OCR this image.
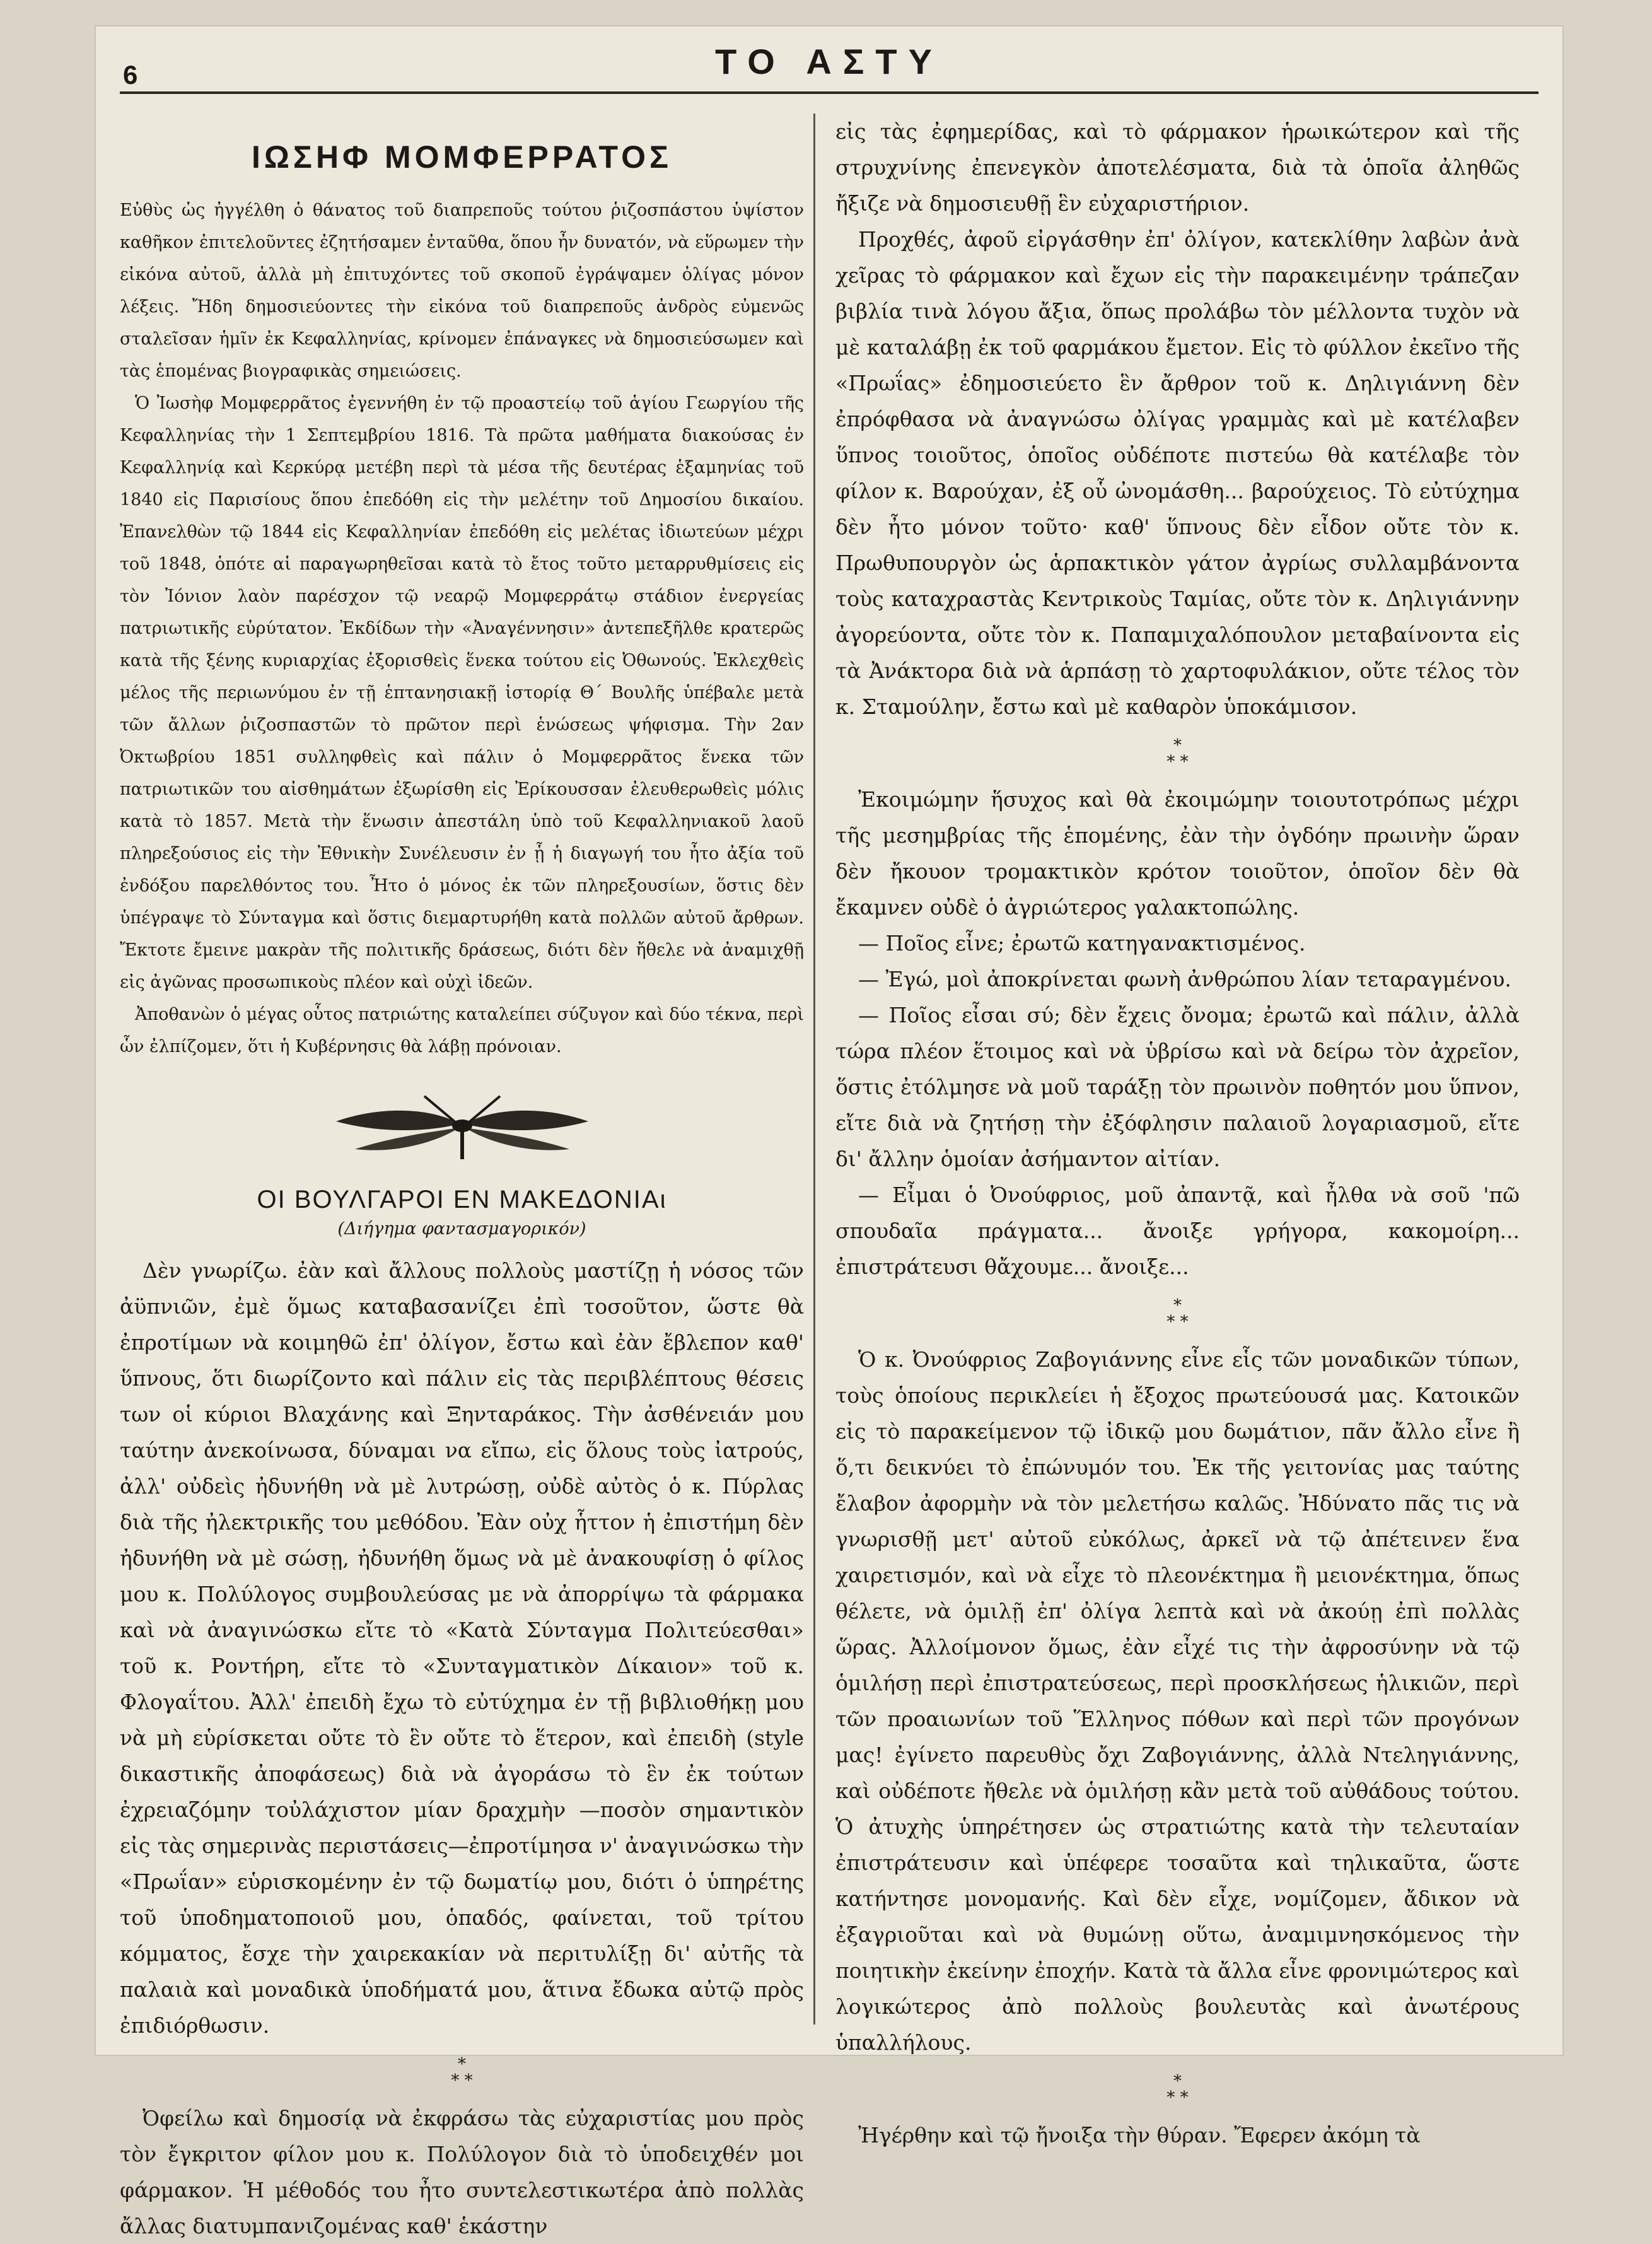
6	ΤΟ ΑΣΤΥ
ΙΩΣΗΦ ΜΟΜΦΕΡΡΑΤΟΣ

Εὐθὺς ὡς ἠγγέλθη ὁ θάνατος τοῦ διαπρεποῦς τούτου ῥιζοσπάστου ὑψίστον καθῆκον ἐπιτελοῦντες ἐζητήσαμεν ἐνταῦθα, ὅπου ἦν δυνατόν, νὰ εὕρωμεν τὴν εἰκόνα αὐτοῦ, ἀλλὰ μὴ ἐπιτυχόντες τοῦ σκοποῦ ἐγράψαμεν ὀλίγας μόνον λέξεις. Ἤδη δημοσιεύοντες τὴν εἰκόνα τοῦ διαπρεποῦς ἀνδρὸς εὐμενῶς σταλεῖσαν ἡμῖν ἐκ Κεφαλληνίας, κρίνομεν ἐπάναγκες νὰ δημοσιεύσωμεν καὶ τὰς ἑπομένας βιογραφικὰς σημειώσεις.

Ὁ Ἰωσὴφ Μομφερρᾶτος ἐγεννήθη ἐν τῷ προαστείῳ τοῦ ἁγίου Γεωργίου τῆς Κεφαλληνίας τὴν 1 Σεπτεμβρίου 1816. Τὰ πρῶτα μαθήματα διακούσας ἐν Κεφαλληνίᾳ καὶ Κερκύρᾳ μετέβη περὶ τὰ μέσα τῆς δευτέρας ἑξαμηνίας τοῦ 1840 εἰς Παρισίους ὅπου ἐπεδόθη εἰς τὴν μελέτην τοῦ Δημοσίου δικαίου. Ἐπανελθὼν τῷ 1844 εἰς Κεφαλληνίαν ἐπεδόθη εἰς μελέτας ἰδιωτεύων μέχρι τοῦ 1848, ὁπότε αἱ παραγωρηθεῖσαι κατὰ τὸ ἔτος τοῦτο μεταρρυθμίσεις εἰς τὸν Ἰόνιον λαὸν παρέσχον τῷ νεαρῷ Μομφερράτῳ στάδιον ἐνεργείας πατριωτικῆς εὐρύτατον. Ἐκδίδων τὴν «Ἀναγέννησιν» ἀντεπεξῆλθε κρατερῶς κατὰ τῆς ξένης κυριαρχίας ἐξορισθεὶς ἕνεκα τούτου εἰς Ὀθωνούς. Ἐκλεχθεὶς μέλος τῆς περιωνύμου ἐν τῇ ἑπτανησιακῇ ἱστορίᾳ Θ΄ Βουλῆς ὑπέβαλε μετὰ τῶν ἄλλων ῥιζοσπαστῶν τὸ πρῶτον περὶ ἑνώσεως ψήφισμα. Τὴν 2αν Ὀκτωβρίου 1851 συλληφθεὶς καὶ πάλιν ὁ Μομφερρᾶτος ἕνεκα τῶν πατριωτικῶν του αἰσθημάτων ἐξωρίσθη εἰς Ἐρίκουσσαν ἐλευθερωθεὶς μόλις κατὰ τὸ 1857. Μετὰ τὴν ἕνωσιν ἀπεστάλη ὑπὸ τοῦ Κεφαλληνιακοῦ λαοῦ πληρεξούσιος εἰς τὴν Ἐθνικὴν Συνέλευσιν ἐν ᾗ ἡ διαγωγή του ἦτο ἀξία τοῦ ἐνδόξου παρελθόντος του. Ἦτο ὁ μόνος ἐκ τῶν πληρεξουσίων, ὅστις δὲν ὑπέγραψε τὸ Σύνταγμα καὶ ὅστις διεμαρτυρήθη κατὰ πολλῶν αὐτοῦ ἄρθρων. Ἔκτοτε ἔμεινε μακρὰν τῆς πολιτικῆς δράσεως, διότι δὲν ἤθελε νὰ ἀναμιχθῇ εἰς ἀγῶνας προσωπικοὺς πλέον καὶ οὐχὶ ἰδεῶν.

Ἀποθανὼν ὁ μέγας οὗτος πατριώτης καταλείπει σύζυγον καὶ δύο τέκνα, περὶ ὧν ἐλπίζομεν, ὅτι ἡ Κυβέρνησις θὰ λάβῃ πρόνοιαν.

ΟΙ ΒΟΥΛΓΑΡΟΙ ΕΝ ΜΑΚΕΔΟΝΙΑι
(Διήγημα φαντασμαγορικόν)

Δὲν γνωρίζω. ἐὰν καὶ ἄλλους πολλοὺς μαστίζῃ ἡ νόσος τῶν ἀϋπνιῶν, ἐμὲ ὅμως καταβασανίζει ἐπὶ τοσοῦτον, ὥστε θὰ ἐπροτίμων νὰ κοιμηθῶ ἐπ' ὀλίγον, ἔστω καὶ ἐὰν ἔβλεπον καθ' ὕπνους, ὅτι διωρίζοντο καὶ πάλιν εἰς τὰς περιβλέπτους θέσεις των οἱ κύριοι Βλαχάνης καὶ Ξηνταράκος. Τὴν ἀσθένειάν μου ταύτην ἀνεκοίνωσα, δύναμαι να εἴπω, εἰς ὅλους τοὺς ἰατρούς, ἀλλ' οὐδεὶς ἠδυνήθη νὰ μὲ λυτρώσῃ, οὐδὲ αὐτὸς ὁ κ. Πύρλας διὰ τῆς ἠλεκτρικῆς του μεθόδου. Ἐὰν οὐχ ἧττον ἡ ἐπιστήμη δὲν ἠδυνήθη νὰ μὲ σώσῃ, ἠδυνήθη ὅμως νὰ μὲ ἀνακουφίσῃ ὁ φίλος μου κ. Πολύλογος συμβουλεύσας με νὰ ἀπορρίψω τὰ φάρμακα καὶ νὰ ἀναγινώσκω εἴτε τὸ «Κατὰ Σύνταγμα Πολιτεύεσθαι» τοῦ κ. Ροντήρη, εἴτε τὸ «Συνταγματικὸν Δίκαιον» τοῦ κ. Φλογαΐτου. Ἀλλ' ἐπειδὴ ἔχω τὸ εὐτύχημα ἐν τῇ βιβλιοθήκῃ μου νὰ μὴ εὑρίσκεται οὔτε τὸ ἓν οὔτε τὸ ἕτερον, καὶ ἐπειδὴ (style δικαστικῆς ἀποφάσεως) διὰ νὰ ἀγοράσω τὸ ἓν ἐκ τούτων ἐχρειαζόμην τοὐλάχιστον μίαν δραχμὴν —ποσὸν σημαντικὸν εἰς τὰς σημερινὰς περιστάσεις—ἐπροτίμησα ν' ἀναγινώσκω τὴν «Πρωΐαν» εὑρισκομένην ἐν τῷ δωματίῳ μου, διότι ὁ ὑπηρέτης τοῦ ὑποδηματοποιοῦ μου, ὁπαδός, φαίνεται, τοῦ τρίτου κόμματος, ἔσχε τὴν χαιρεκακίαν νὰ περιτυλίξῃ δι' αὐτῆς τὰ παλαιὰ καὶ μοναδικὰ ὑποδήματά μου, ἅτινα ἔδωκα αὐτῷ πρὸς ἐπιδιόρθωσιν.

*
* *

Ὀφείλω καὶ δημοσίᾳ νὰ ἐκφράσω τὰς εὐχαριστίας μου πρὸς τὸν ἔγκριτον φίλον μου κ. Πολύλογον διὰ τὸ ὑποδειχθέν μοι φάρμακον. Ἡ μέθοδός του ἦτο συντελεστικωτέρα ἀπὸ πολλὰς ἄλλας διατυμπανιζομένας καθ' ἑκάστην

εἰς τὰς ἐφημερίδας, καὶ τὸ φάρμακον ἡρωικώτερον καὶ τῆς στρυχνίνης ἐπενεγκὸν ἀποτελέσματα, διὰ τὰ ὁποῖα ἀληθῶς ἤξιζε νὰ δημοσιευθῇ ἓν εὐχαριστήριον.

Προχθές, ἀφοῦ εἰργάσθην ἐπ' ὀλίγον, κατεκλίθην λαβὼν ἀνὰ χεῖρας τὸ φάρμακον καὶ ἔχων εἰς τὴν παρακειμένην τράπεζαν βιβλία τινὰ λόγου ἄξια, ὅπως προλάβω τὸν μέλλοντα τυχὸν νὰ μὲ καταλάβῃ ἐκ τοῦ φαρμάκου ἔμετον. Εἰς τὸ φύλλον ἐκεῖνο τῆς «Πρωΐας» ἐδημοσιεύετο ἓν ἄρθρον τοῦ κ. Δηλιγιάννη δὲν ἐπρόφθασα νὰ ἀναγνώσω ὀλίγας γραμμὰς καὶ μὲ κατέλαβεν ὕπνος τοιοῦτος, ὁποῖος οὐδέποτε πιστεύω θὰ κατέλαβε τὸν φίλον κ. Βαρούχαν, ἐξ οὗ ὠνομάσθη... βαρούχειος. Τὸ εὐτύχημα δὲν ἦτο μόνον τοῦτο· καθ' ὕπνους δὲν εἶδον οὔτε τὸν κ. Πρωθυπουργὸν ὡς ἁρπακτικὸν γάτον ἀγρίως συλλαμβάνοντα τοὺς καταχραστὰς Κεντρικοὺς Ταμίας, οὔτε τὸν κ. Δηλιγιάννην ἀγορεύοντα, οὔτε τὸν κ. Παπαμιχαλόπουλον μεταβαίνοντα εἰς τὰ Ἀνάκτορα διὰ νὰ ἁρπάσῃ τὸ χαρτοφυλάκιον, οὔτε τέλος τὸν κ. Σταμούλην, ἔστω καὶ μὲ καθαρὸν ὑποκάμισον.

*
* *

Ἐκοιμώμην ἥσυχος καὶ θὰ ἐκοιμώμην τοιουτοτρόπως μέχρι τῆς μεσημβρίας τῆς ἑπομένης, ἐὰν τὴν ὀγδόην πρωινὴν ὥραν δὲν ἤκουον τρομακτικὸν κρότον τοιοῦτον, ὁποῖον δὲν θὰ ἔκαμνεν οὐδὲ ὁ ἀγριώτερος γαλακτοπώλης.

— Ποῖος εἶνε; ἐρωτῶ κατηγανακτισμένος.

— Ἐγώ, μοὶ ἀποκρίνεται φωνὴ ἀνθρώπου λίαν τεταραγμένου.

— Ποῖος εἶσαι σύ; δὲν ἔχεις ὄνομα; ἐρωτῶ καὶ πάλιν, ἀλλὰ τώρα πλέον ἕτοιμος καὶ νὰ ὑβρίσω καὶ νὰ δείρω τὸν ἀχρεῖον, ὅστις ἐτόλμησε νὰ μοῦ ταράξῃ τὸν πρωινὸν ποθητόν μου ὕπνον, εἴτε διὰ νὰ ζητήσῃ τὴν ἐξόφλησιν παλαιοῦ λογαριασμοῦ, εἴτε δι' ἄλλην ὁμοίαν ἀσήμαντον αἰτίαν.

— Εἶμαι ὁ Ὀνούφριος, μοῦ ἀπαντᾷ, καὶ ἦλθα νὰ σοῦ 'πῶ σπουδαῖα πράγματα... ἄνοιξε γρήγορα, κακομοίρη... ἐπιστράτευσι θἄχουμε... ἄνοιξε...

*
* *

Ὁ κ. Ὀνούφριος Ζαβογιάννης εἶνε εἷς τῶν μοναδικῶν τύπων, τοὺς ὁποίους περικλείει ἡ ἔξοχος πρωτεύουσά μας. Κατοικῶν εἰς τὸ παρακείμενον τῷ ἰδικῷ μου δωμάτιον, πᾶν ἄλλο εἶνε ἢ ὅ,τι δεικνύει τὸ ἐπώνυμόν του. Ἐκ τῆς γειτονίας μας ταύτης ἔλαβον ἀφορμὴν νὰ τὸν μελετήσω καλῶς. Ἠδύνατο πᾶς τις νὰ γνωρισθῇ μετ' αὐτοῦ εὐκόλως, ἀρκεῖ νὰ τῷ ἀπέτεινεν ἕνα χαιρετισμόν, καὶ νὰ εἶχε τὸ πλεονέκτημα ἢ μειονέκτημα, ὅπως θέλετε, νὰ ὁμιλῇ ἐπ' ὀλίγα λεπτὰ καὶ νὰ ἀκούῃ ἐπὶ πολλὰς ὥρας. Ἀλλοίμονον ὅμως, ἐὰν εἶχέ τις τὴν ἀφροσύνην νὰ τῷ ὁμιλήσῃ περὶ ἐπιστρατεύσεως, περὶ προσκλήσεως ἡλικιῶν, περὶ τῶν προαιωνίων τοῦ Ἕλληνος πόθων καὶ περὶ τῶν προγόνων μας! ἐγίνετο παρευθὺς ὄχι Ζαβογιάννης, ἀλλὰ Ντεληγιάννης, καὶ οὐδέποτε ἤθελε νὰ ὁμιλήσῃ κἂν μετὰ τοῦ αὐθάδους τούτου. Ὁ ἀτυχὴς ὑπηρέτησεν ὡς στρατιώτης κατὰ τὴν τελευταίαν ἐπιστράτευσιν καὶ ὑπέφερε τοσαῦτα καὶ τηλικαῦτα, ὥστε κατήντησε μονομανής. Καὶ δὲν εἶχε, νομίζομεν, ἄδικον νὰ ἐξαγριοῦται καὶ νὰ θυμώνῃ οὕτω, ἀναμιμνησκόμενος τὴν ποιητικὴν ἐκείνην ἐποχήν. Κατὰ τὰ ἄλλα εἶνε φρονιμώτερος καὶ λογικώτερος ἀπὸ πολλοὺς βουλευτὰς καὶ ἀνωτέρους ὑπαλλήλους.

*
* *

Ἠγέρθην καὶ τῷ ἤνοιξα τὴν θύραν. Ἔφερεν ἀκόμη τὰ
